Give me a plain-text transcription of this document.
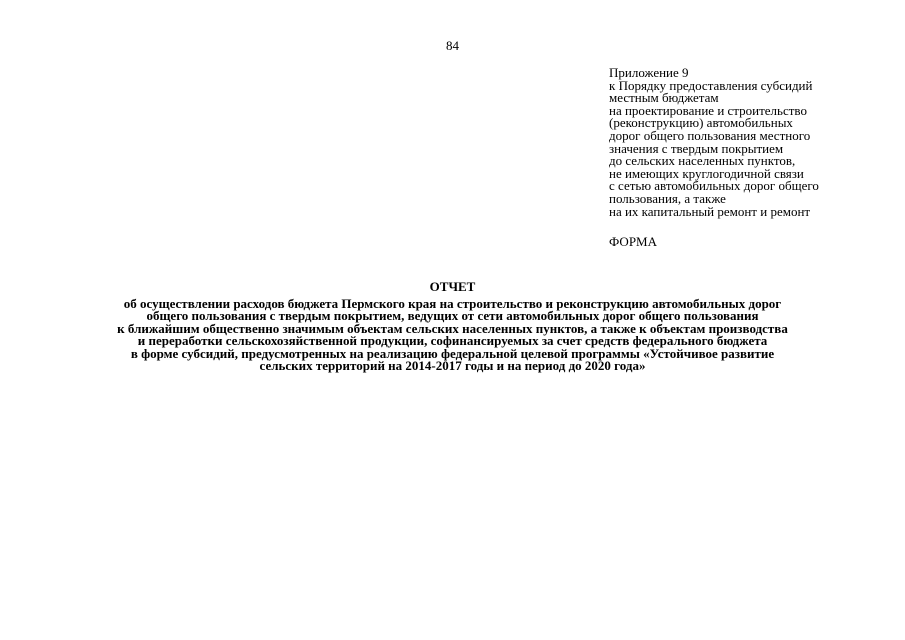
84
Приложение 9
к Порядку предоставления субсидий
местным бюджетам
на проектирование и строительство
(реконструкцию) автомобильных
дорог общего пользования местного
значения с твердым покрытием
до сельских населенных пунктов,
не имеющих круглогодичной связи
с сетью автомобильных дорог общего
пользования, а также
на их капитальный ремонт и ремонт
ФОРМА
ОТЧЕТ
об осуществлении расходов бюджета Пермского края на строительство и реконструкцию автомобильных дорог
общего пользования с твердым покрытием, ведущих от сети автомобильных дорог общего пользования
к ближайшим общественно значимым объектам сельских населенных пунктов, а также к объектам производства
и переработки сельскохозяйственной продукции, софинансируемых за счет средств федерального бюджета
в форме субсидий, предусмотренных на реализацию федеральной целевой программы «Устойчивое развитие
сельских территорий на 2014-2017 годы и на период до 2020 года»
